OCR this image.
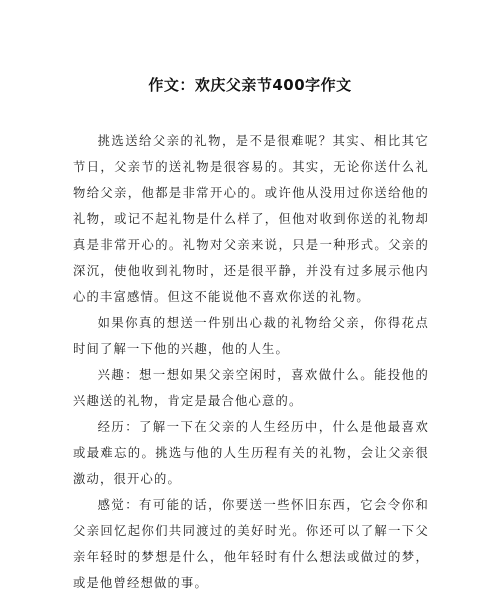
作文：欢庆父亲节400字作文

挑选送给父亲的礼物，是不是很难呢？其实、相比其它节日，父亲节的送礼物是很容易的。其实，无论你送什么礼物给父亲，他都是非常开心的。或许他从没用过你送给他的礼物，或记不起礼物是什么样了，但他对收到你送的礼物却真是非常开心的。礼物对父亲来说，只是一种形式。父亲的深沉，使他收到礼物时，还是很平静，并没有过多展示他内心的丰富感情。但这不能说他不喜欢你送的礼物。

如果你真的想送一件别出心裁的礼物给父亲，你得花点时间了解一下他的兴趣，他的人生。

兴趣：想一想如果父亲空闲时，喜欢做什么。能投他的兴趣送的礼物，肯定是最合他心意的。

经历：了解一下在父亲的人生经历中，什么是他最喜欢或最难忘的。挑选与他的人生历程有关的礼物，会让父亲很激动，很开心的。

感觉：有可能的话，你要送一些怀旧东西，它会令你和父亲回忆起你们共同渡过的美好时光。你还可以了解一下父亲年轻时的梦想是什么，他年轻时有什么想法或做过的梦，或是他曾经想做的事。
